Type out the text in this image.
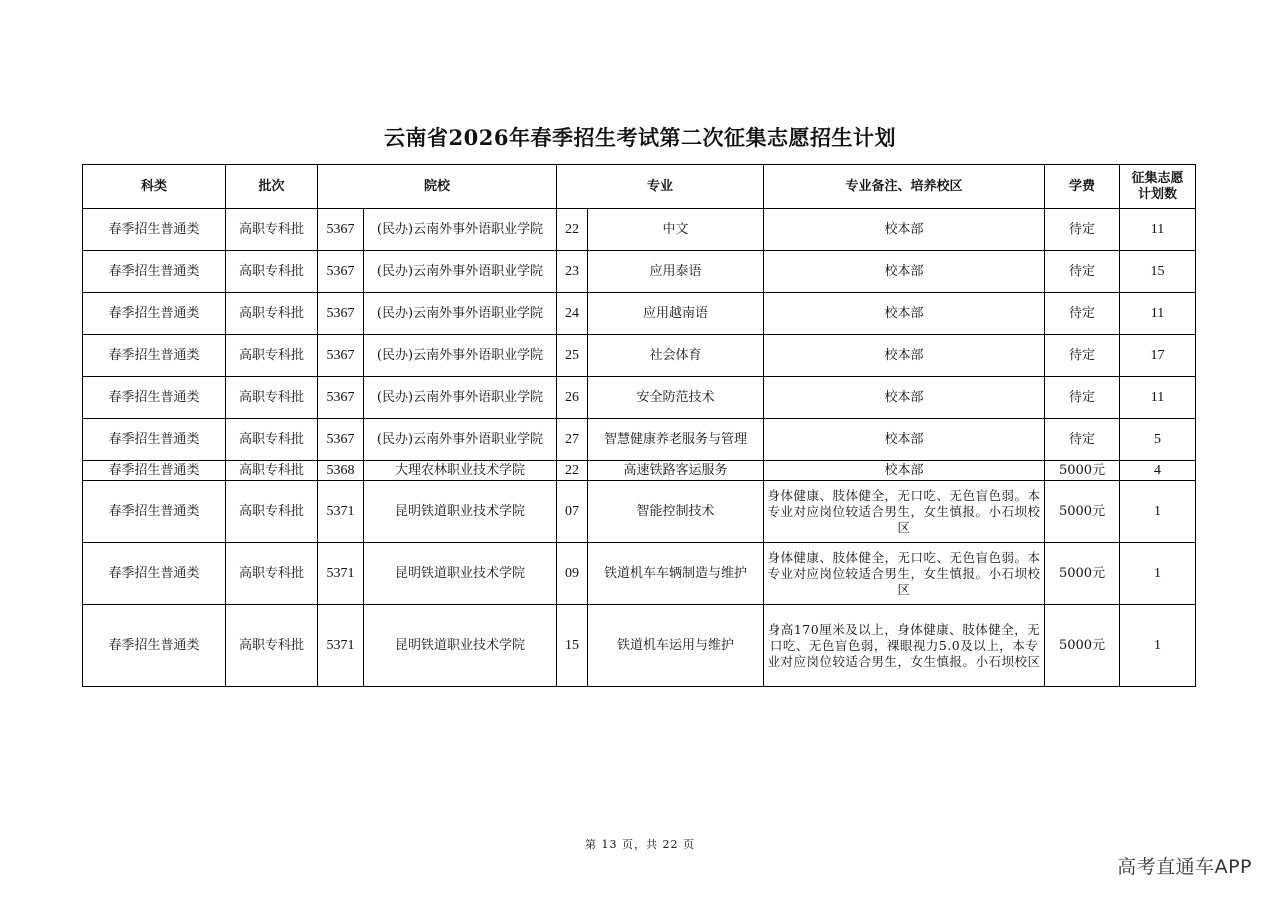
云南省2026年春季招生考试第二次征集志愿招生计划
科类	批次	院校		专业		专业备注、培养校区	学费	征集志愿
计划数

春季招生普通类	高职专科批	5367	(民办)云南外事外语职业学院	22	中文	校本部	待定	11
春季招生普通类	高职专科批	5367	(民办)云南外事外语职业学院	23	应用泰语	校本部	待定	15
春季招生普通类	高职专科批	5367	(民办)云南外事外语职业学院	24	应用越南语	校本部	待定	11
春季招生普通类	高职专科批	5367	(民办)云南外事外语职业学院	25	社会体育	校本部	待定	17
春季招生普通类	高职专科批	5367	(民办)云南外事外语职业学院	26	安全防范技术	校本部	待定	11
春季招生普通类	高职专科批	5367	(民办)云南外事外语职业学院	27	智慧健康养老服务与管理	校本部	待定	5
春季招生普通类	高职专科批	5368	大理农林职业技术学院	22	高速铁路客运服务	校本部	5000元	4
春季招生普通类	高职专科批	5371	昆明铁道职业技术学院	07	智能控制技术	身体健康、肢体健全，无口吃、无色盲色弱。本专业对应岗位较适合男生，女生慎报。小石坝校区	5000元	1
春季招生普通类	高职专科批	5371	昆明铁道职业技术学院	09	铁道机车车辆制造与维护	身体健康、肢体健全，无口吃、无色盲色弱。本专业对应岗位较适合男生，女生慎报。小石坝校区	5000元	1
春季招生普通类	高职专科批	5371	昆明铁道职业技术学院	15	铁道机车运用与维护	身高170厘米及以上，身体健康、肢体健全，无口吃、无色盲色弱，裸眼视力5.0及以上，本专业对应岗位较适合男生，女生慎报。小石坝校区	5000元	1
第 13 页，共 22 页
高考直通车APP
